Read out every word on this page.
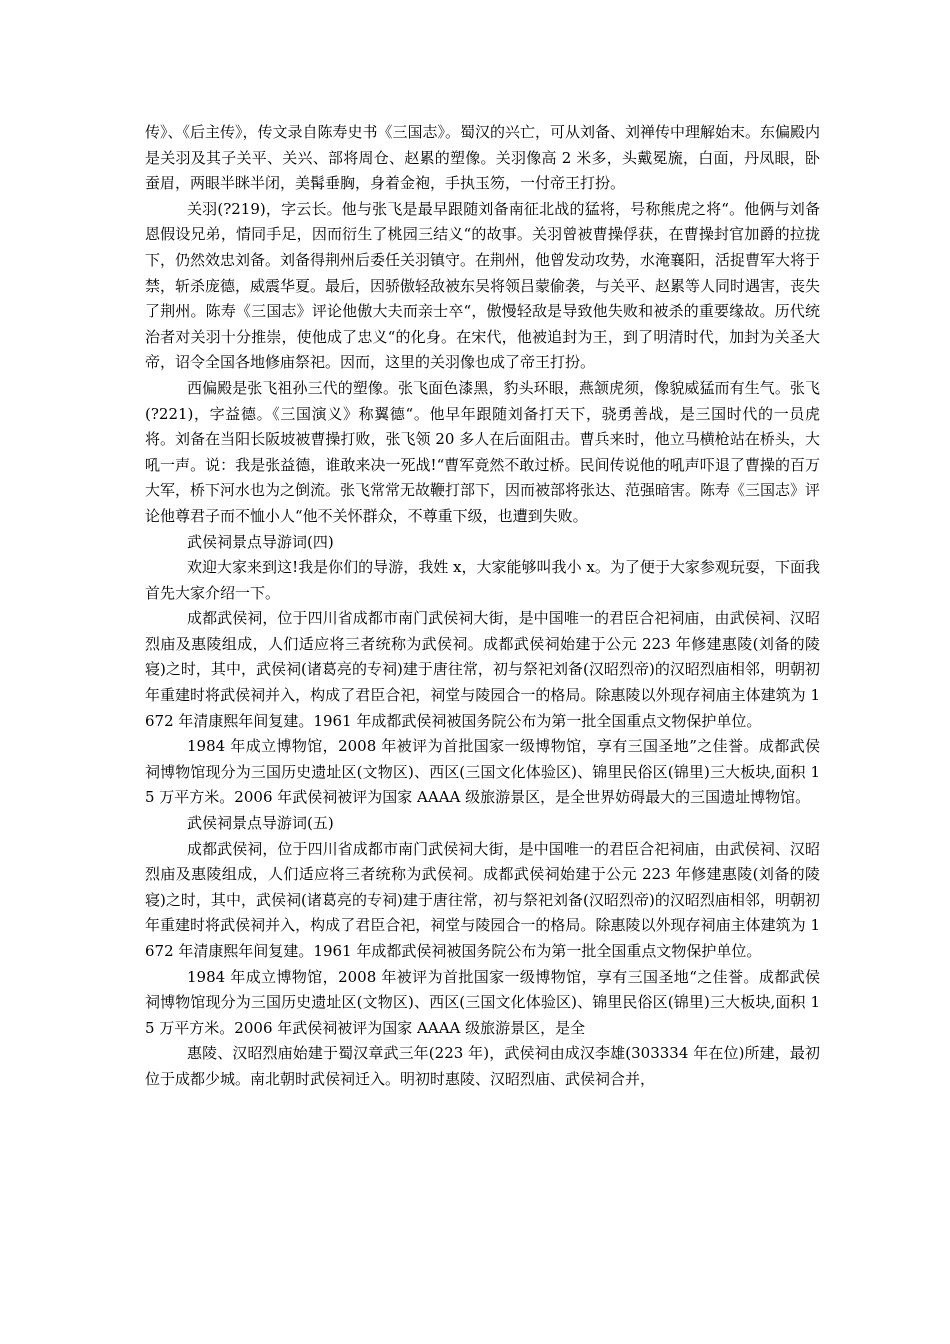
传》、《后主传》，传文录自陈寿史书《三国志》。蜀汉的兴亡，可从刘备、刘禅传中理解始末。东偏殿内是关羽及其子关平、关兴、部将周仓、赵累的塑像。关羽像高 2 米多，头戴冕旒，白面，丹凤眼，卧蚕眉，两眼半眯半闭，美髯垂胸，身着金袍，手执玉笏，一付帝王打扮。

关羽(?219)，字云长。他与张飞是最早跟随刘备南征北战的猛将，号称熊虎之将“。他俩与刘备恩假设兄弟，情同手足，因而衍生了桃园三结义“的故事。关羽曾被曹操俘获，在曹操封官加爵的拉拢下，仍然效忠刘备。刘备得荆州后委任关羽镇守。在荆州，他曾发动攻势，水淹襄阳，活捉曹军大将于禁，斩杀庞德，威震华夏。最后，因骄傲轻敌被东吴将领吕蒙偷袭，与关平、赵累等人同时遇害，丧失了荆州。陈寿《三国志》评论他傲大夫而亲士卒“，傲慢轻敌是导致他失败和被杀的重要缘故。历代统治者对关羽十分推崇，使他成了忠义“的化身。在宋代，他被追封为王，到了明清时代，加封为关圣大帝，诏令全国各地修庙祭祀。因而，这里的关羽像也成了帝王打扮。

西偏殿是张飞祖孙三代的塑像。张飞面色漆黑，豹头环眼，燕颔虎须，像貌威猛而有生气。张飞(?221)，字益德。《三国演义》称翼德“。他早年跟随刘备打天下，骁勇善战，是三国时代的一员虎将。刘备在当阳长阪坡被曹操打败，张飞领 20 多人在后面阻击。曹兵来时，他立马横枪站在桥头，大吼一声。说：我是张益德，谁敢来决一死战!“曹军竟然不敢过桥。民间传说他的吼声吓退了曹操的百万大军，桥下河水也为之倒流。张飞常常无故鞭打部下，因而被部将张达、范强暗害。陈寿《三国志》评论他尊君子而不恤小人“他不关怀群众，不尊重下级，也遭到失败。

武侯祠景点导游词(四)

欢迎大家来到这!我是你们的导游，我姓 x，大家能够叫我小 x。为了便于大家参观玩耍，下面我首先大家介绍一下。

成都武侯祠，位于四川省成都市南门武侯祠大街，是中国唯一的君臣合祀祠庙，由武侯祠、汉昭烈庙及惠陵组成，人们适应将三者统称为武侯祠。成都武侯祠始建于公元 223 年修建惠陵(刘备的陵寝)之时，其中，武侯祠(诸葛亮的专祠)建于唐往常，初与祭祀刘备(汉昭烈帝)的汉昭烈庙相邻，明朝初年重建时将武侯祠并入，构成了君臣合祀，祠堂与陵园合一的格局。除惠陵以外现存祠庙主体建筑为 1672 年清康熙年间复建。1961 年成都武侯祠被国务院公布为第一批全国重点文物保护单位。

1984 年成立博物馆，2008 年被评为首批国家一级博物馆，享有三国圣地”之佳誉。成都武侯祠博物馆现分为三国历史遗址区(文物区)、西区(三国文化体验区)、锦里民俗区(锦里)三大板块,面积 15 万平方米。2006 年武侯祠被评为国家 AAAA 级旅游景区，是全世界妨碍最大的三国遗址博物馆。

武侯祠景点导游词(五)

成都武侯祠，位于四川省成都市南门武侯祠大街，是中国唯一的君臣合祀祠庙，由武侯祠、汉昭烈庙及惠陵组成，人们适应将三者统称为武侯祠。成都武侯祠始建于公元 223 年修建惠陵(刘备的陵寝)之时，其中，武侯祠(诸葛亮的专祠)建于唐往常，初与祭祀刘备(汉昭烈帝)的汉昭烈庙相邻，明朝初年重建时将武侯祠并入，构成了君臣合祀，祠堂与陵园合一的格局。除惠陵以外现存祠庙主体建筑为 1672 年清康熙年间复建。1961 年成都武侯祠被国务院公布为第一批全国重点文物保护单位。

1984 年成立博物馆，2008 年被评为首批国家一级博物馆，享有三国圣地“之佳誉。成都武侯祠博物馆现分为三国历史遗址区(文物区)、西区(三国文化体验区)、锦里民俗区(锦里)三大板块,面积 15 万平方米。2006 年武侯祠被评为国家 AAAA 级旅游景区，是全

惠陵、汉昭烈庙始建于蜀汉章武三年(223 年)，武侯祠由成汉李雄(303334 年在位)所建，最初位于成都少城。南北朝时武侯祠迁入。明初时惠陵、汉昭烈庙、武侯祠合并，
